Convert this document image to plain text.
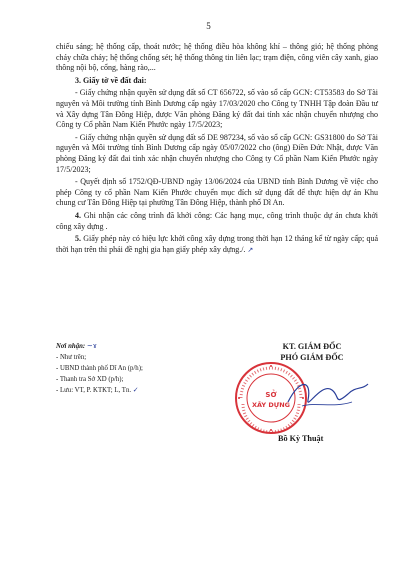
5

chiếu sáng; hệ thống cấp, thoát nước; hệ thống điều hòa không khí – thông gió; hệ thống phòng cháy chữa cháy; hệ thống chống sét; hệ thống thông tin liên lạc; trạm điện, công viên cây xanh, giao thông nội bộ, cổng, hàng rào,...

3. Giấy tờ về đất đai:

- Giấy chứng nhận quyền sử dụng đất số CT 656722, số vào sổ cấp GCN: CT53583 do Sở Tài nguyên và Môi trường tỉnh Bình Dương cấp ngày 17/03/2020 cho Công ty TNHH Tập đoàn Đầu tư và Xây dựng Tân Đông Hiệp, được Văn phòng Đăng ký đất đai tỉnh xác nhận chuyển nhượng cho Công ty Cổ phần Nam Kiến Phước ngày 17/5/2023;

- Giấy chứng nhận quyền sử dụng đất số DE 987234, số vào sổ cấp GCN: GS31800 do Sở Tài nguyên và Môi trường tỉnh Bình Dương cấp ngày 05/07/2022 cho (ông) Điền Đức Nhật, được Văn phòng Đăng ký đất đai tỉnh xác nhận chuyển nhượng cho Công ty Cổ phần Nam Kiến Phước ngày 17/5/2023;

- Quyết định số 1752/QĐ-UBND ngày 13/06/2024 của UBND tỉnh Bình Dương về việc cho phép Công ty cổ phần Nam Kiến Phước chuyển mục đích sử dụng đất để thực hiện dự án Khu chung cư Tân Đông Hiệp tại phường Tân Đông Hiệp, thành phố Dĩ An.

4. Ghi nhận các công trình đã khởi công: Các hạng mục, công trình thuộc dự án chưa khởi công xây dựng .

5. Giấy phép này có hiệu lực khởi công xây dựng trong thời hạn 12 tháng kể từ ngày cấp; quá thời hạn trên thì phải đề nghị gia hạn giấy phép xây dựng./. ↗

Nơi nhận: ~ɤ
- Như trên;
- UBND thành phố Dĩ An (p/h);
- Thanh tra Sở XD (p/h);
- Lưu: VT, P. KTKT; L, Tn. ✓
KT. GIÁM ĐỐC
PHÓ GIÁM ĐỐC
SỞ
XÂY DỰNG
Bồ Kỳ Thuật
